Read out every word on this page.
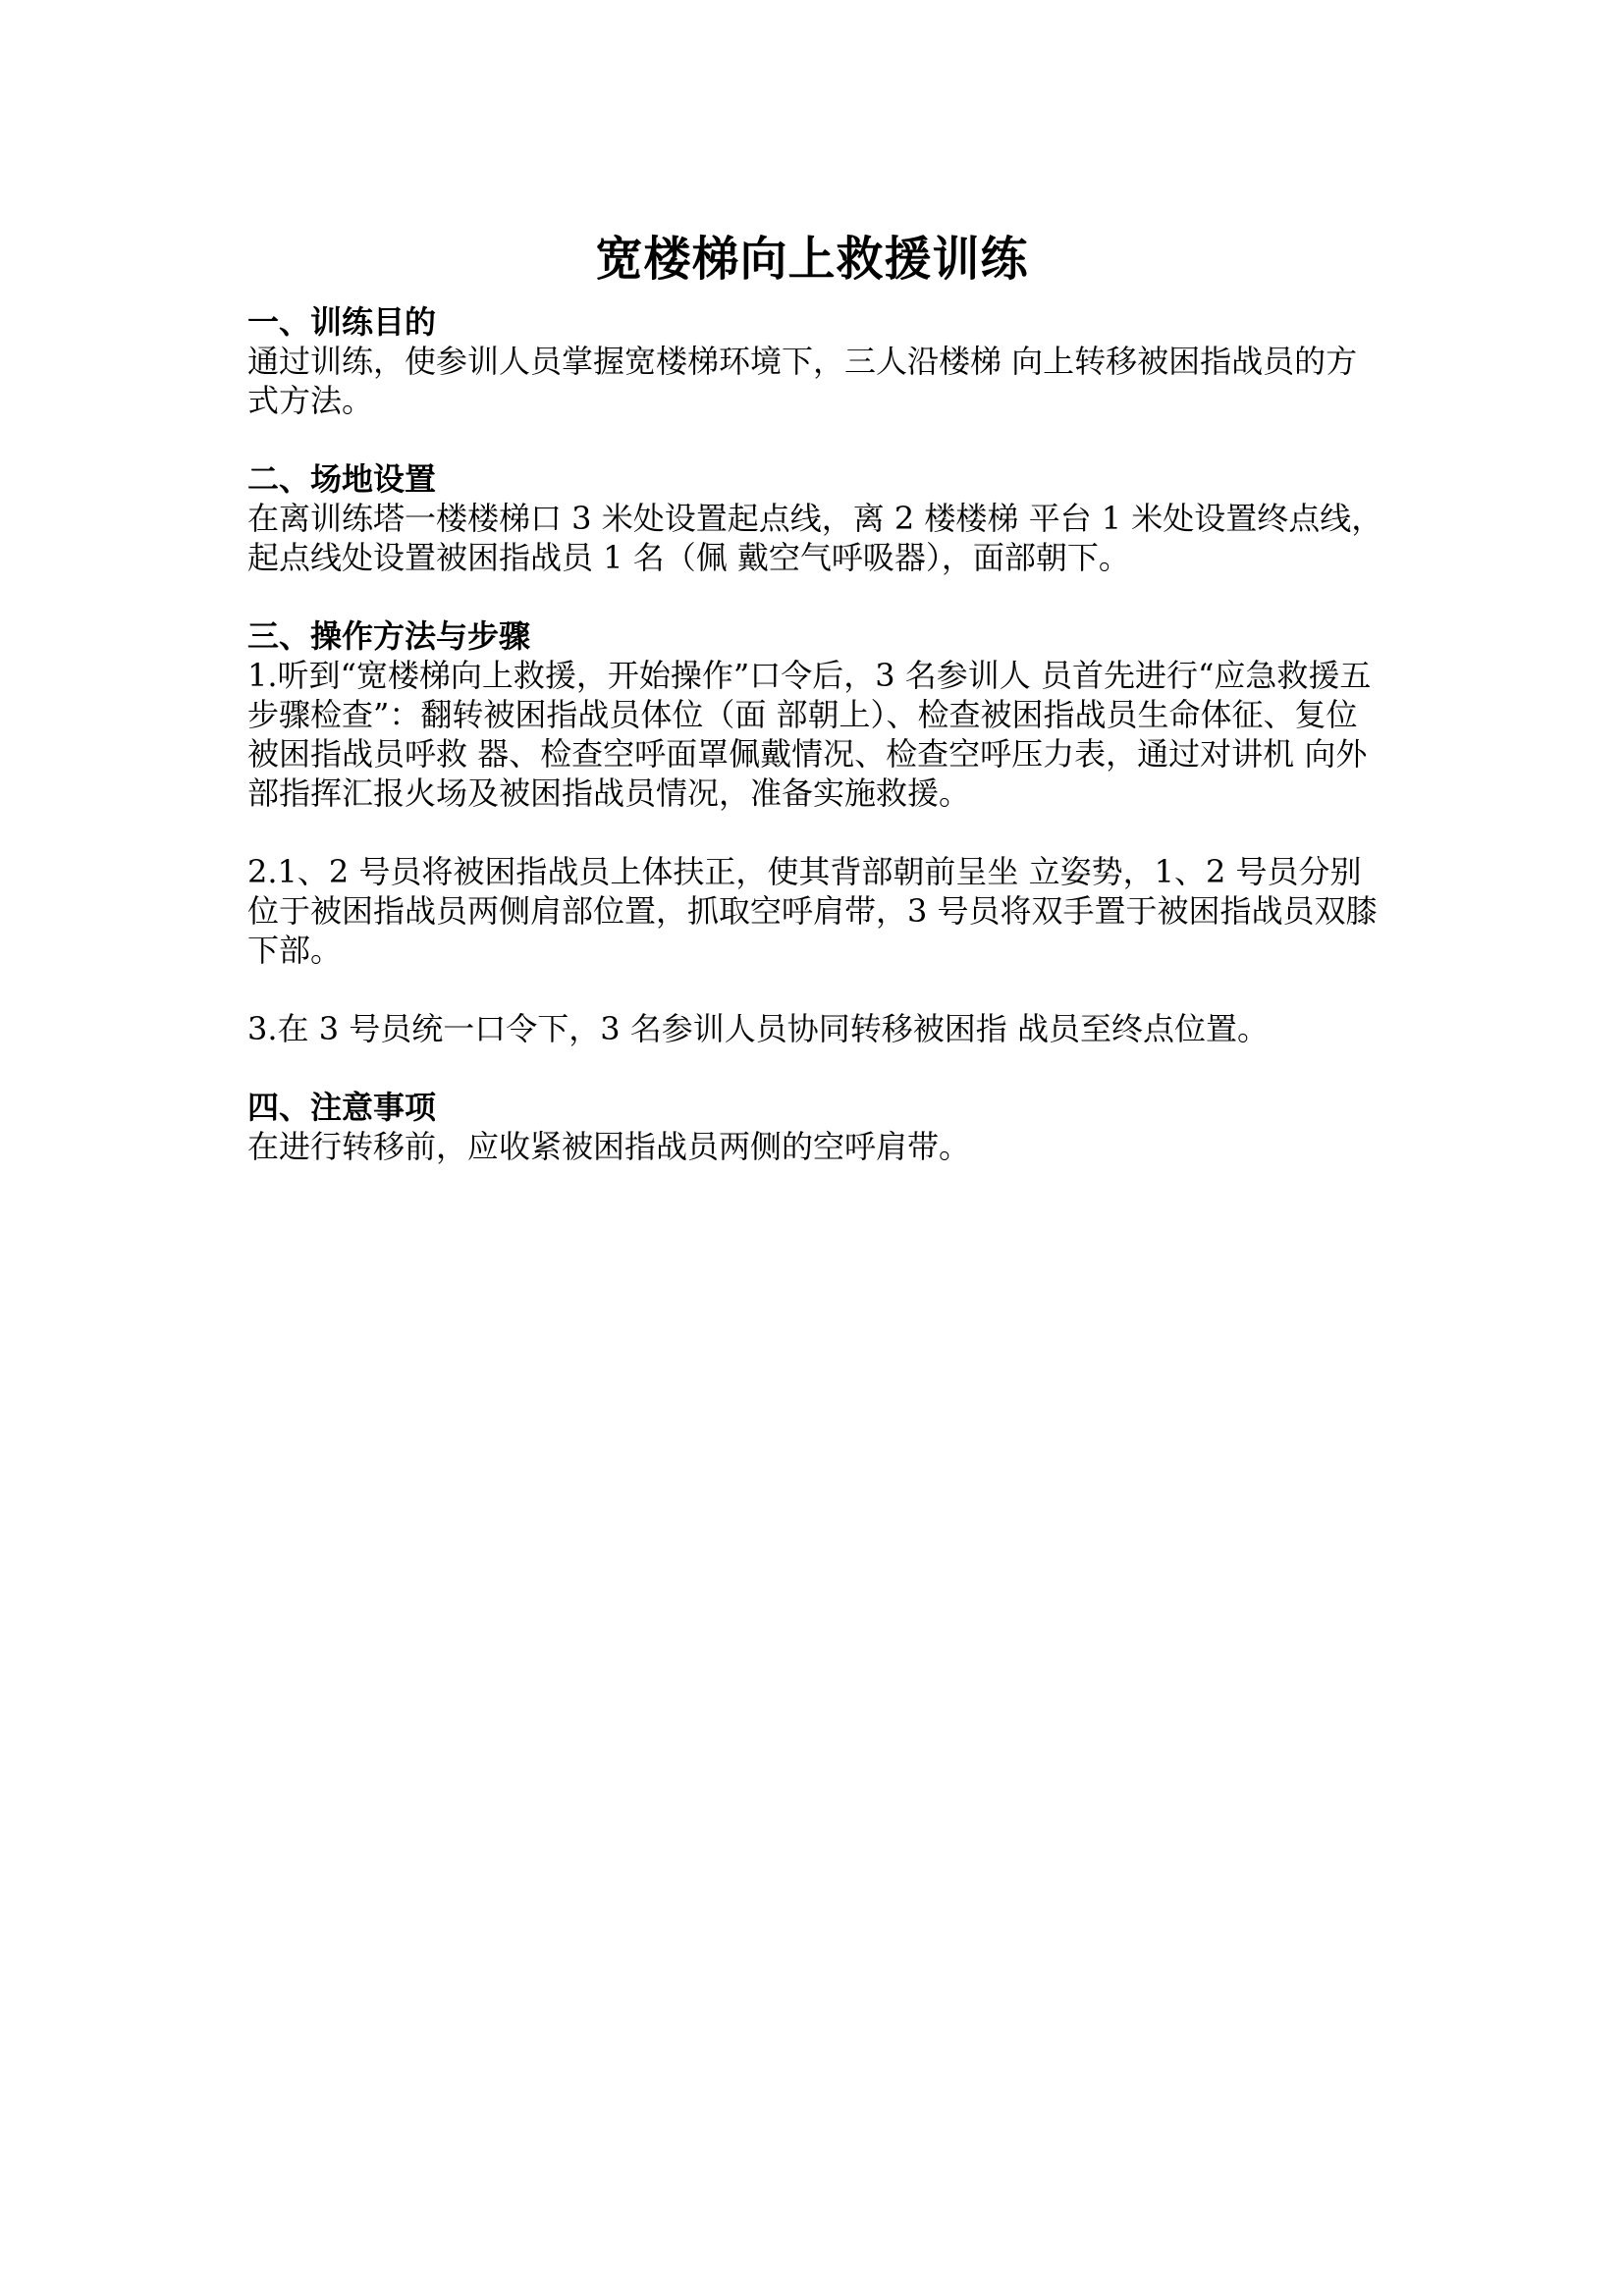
宽楼梯向上救援训练

一、训练目的

通过训练，使参训人员掌握宽楼梯环境下，三人沿楼梯 向上转移被困指战员的方式方法。

二、场地设置

在离训练塔一楼楼梯口 3 米处设置起点线，离 2 楼楼梯 平台 1 米处设置终点线，起点线处设置被困指战员 1 名（佩 戴空气呼吸器），面部朝下。

三、操作方法与步骤

1.听到“宽楼梯向上救援，开始操作”口令后，3 名参训人 员首先进行“应急救援五步骤检查”：翻转被困指战员体位（面 部朝上）、检查被困指战员生命体征、复位被困指战员呼救 器、检查空呼面罩佩戴情况、检查空呼压力表，通过对讲机 向外部指挥汇报火场及被困指战员情况，准备实施救援。

2.1、2 号员将被困指战员上体扶正，使其背部朝前呈坐 立姿势，1、2 号员分别位于被困指战员两侧肩部位置，抓取空呼肩带，3 号员将双手置于被困指战员双膝下部。

3.在 3 号员统一口令下，3 名参训人员协同转移被困指 战员至终点位置。

四、注意事项

在进行转移前，应收紧被困指战员两侧的空呼肩带。
